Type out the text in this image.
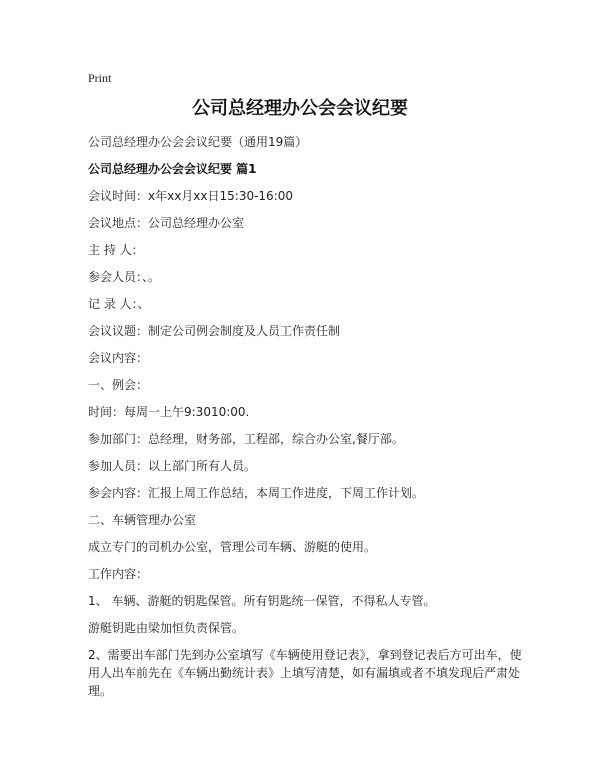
Print
公司总经理办公会会议纪要
公司总经理办公会会议纪要（通用19篇）
公司总经理办公会会议纪要 篇1
会议时间：x年xx月xx日15:30-16:00
会议地点：公司总经理办公室
主 持 人：
参会人员：、。
记 录 人：、
会议议题：制定公司例会制度及人员工作责任制
会议内容：
一、例会：
时间：每周一上午9:3010:00.
参加部门：总经理，财务部，工程部，综合办公室,餐厅部。
参加人员：以上部门所有人员。
参会内容：汇报上周工作总结，本周工作进度，下周工作计划。
二、车辆管理办公室
成立专门的司机办公室，管理公司车辆、游艇的使用。
工作内容：
1、 车辆、游艇的钥匙保管。所有钥匙统一保管，不得私人专管。
游艇钥匙由梁加恒负责保管。
2、需要出车部门先到办公室填写《车辆使用登记表》，拿到登记表后方可出车，使用人出车前先在《车辆出勤统计表》上填写清楚，如有漏填或者不填发现后严肃处理。
